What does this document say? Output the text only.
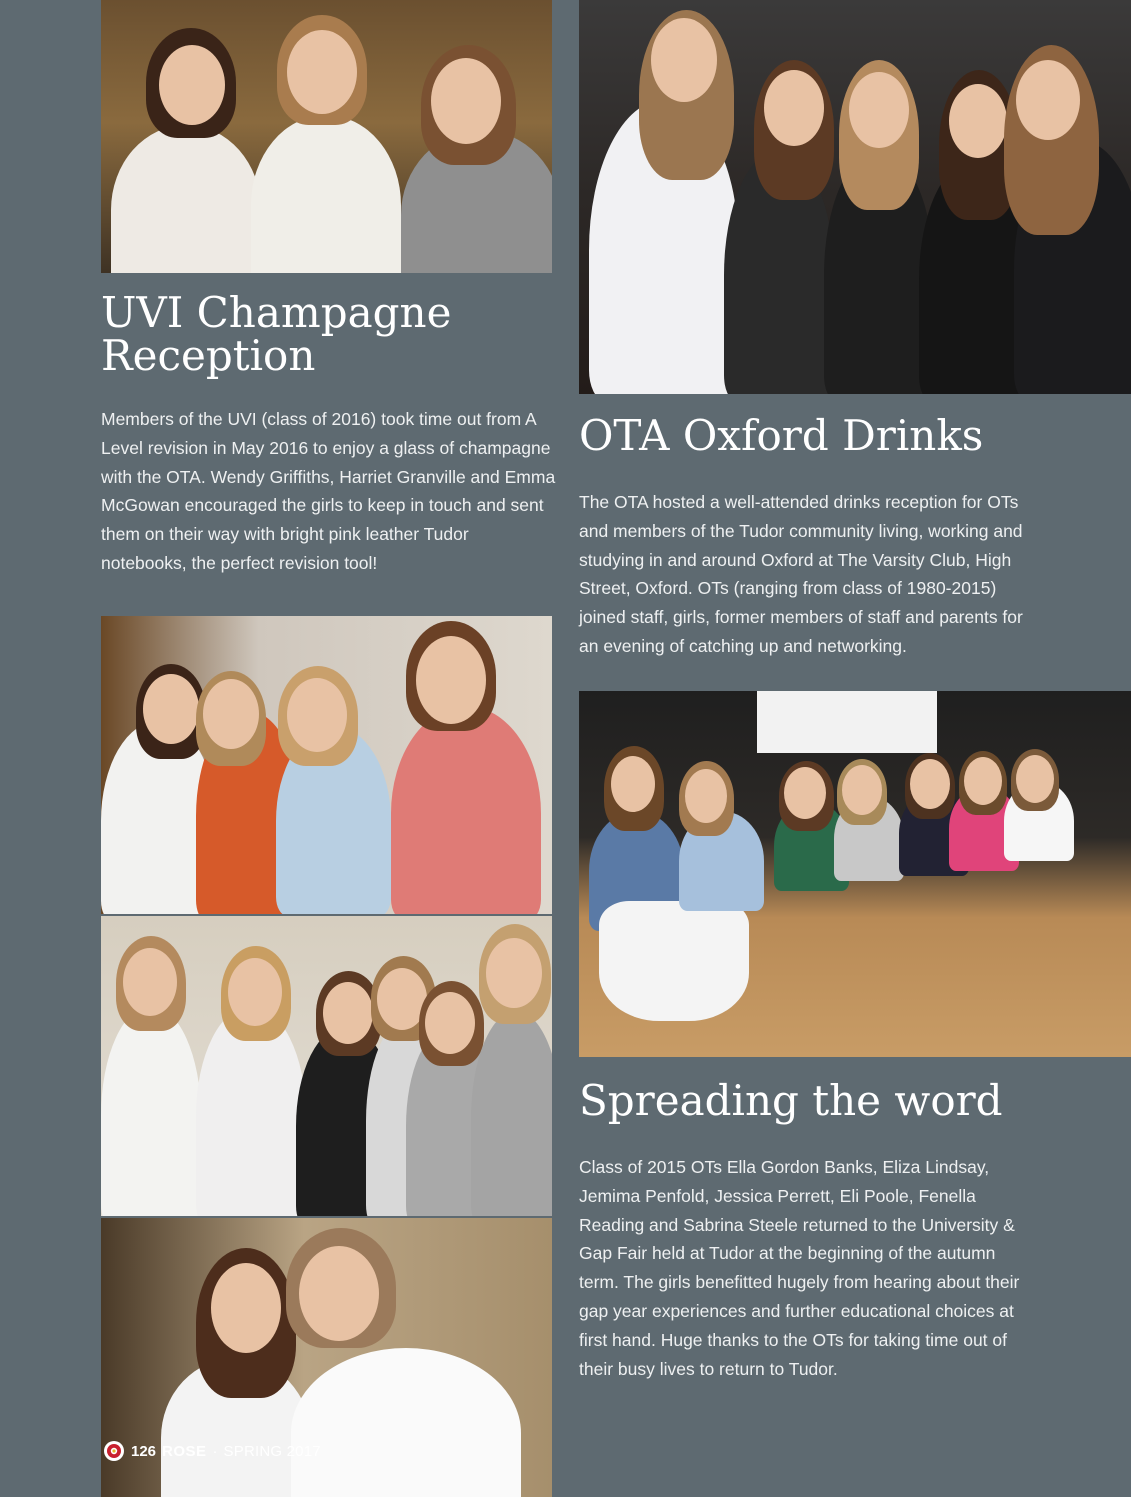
UVI Champagne
Reception

Members of the UVI (class of 2016) took time out from A Level revision in May 2016 to enjoy a glass of champagne with the OTA. Wendy Griffiths, Harriet Granville and Emma McGowan encouraged the girls to keep in touch and sent them on their way with bright pink leather Tudor notebooks, the perfect revision tool!

OTA Oxford Drinks

The OTA hosted a well-attended drinks reception for OTs and members of the Tudor community living, working and studying in and around Oxford at The Varsity Club, High Street, Oxford. OTs (ranging from class of 1980-2015) joined staff, girls, former members of staff and parents for an evening of catching up and networking.

Spreading the word

Class of 2015 OTs Ella Gordon Banks, Eliza Lindsay, Jemima Penfold, Jessica Perrett, Eli Poole, Fenella Reading and Sabrina Steele returned to the University & Gap Fair held at Tudor at the beginning of the autumn term. The girls benefitted hugely from hearing about their gap year experiences and further educational choices at first hand. Huge thanks to the OTs for taking time out of their busy lives to return to Tudor.

126 ROSE · SPRING 2017
